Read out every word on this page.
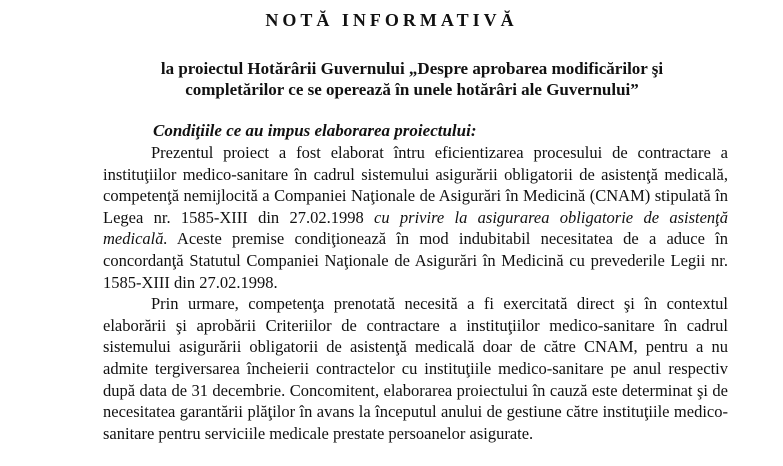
NOTĂ INFORMATIVĂ
la proiectul Hotărârii Guvernului „Despre aprobarea modificărilor şi
completărilor ce se operează în unele hotărâri ale Guvernului”
Condiţiile ce au impus elaborarea proiectului:

Prezentul proiect a fost elaborat întru eficientizarea procesului de contractare a instituţiilor medico-sanitare în cadrul sistemului asigurării obligatorii de asistenţă medicală, competenţă nemijlocită a Companiei Naţionale de Asigurări în Medicină (CNAM) stipulată în Legea nr. 1585-XIII din 27.02.1998 cu privire la asigurarea obligatorie de asistenţă medicală. Aceste premise condiţionează în mod indubitabil necesitatea de a aduce în concordanţă Statutul Companiei Naţionale de Asigurări în Medicină cu prevederile Legii nr. 1585-XIII din 27.02.1998.

Prin urmare, competenţa prenotată necesită a fi exercitată direct şi în contextul elaborării şi aprobării Criteriilor de contractare a instituţiilor medico-sanitare în cadrul sistemului asigurării obligatorii de asistenţă medicală doar de către CNAM, pentru a nu admite tergiversarea încheierii contractelor cu instituţiile medico-sanitare pe anul respectiv după data de 31 decembrie. Concomitent, elaborarea proiectului în cauză este determinat şi de necesitatea garantării plăţilor în avans la începutul anului de gestiune către instituţiile medico-sanitare pentru serviciile medicale prestate persoanelor asigurate.
